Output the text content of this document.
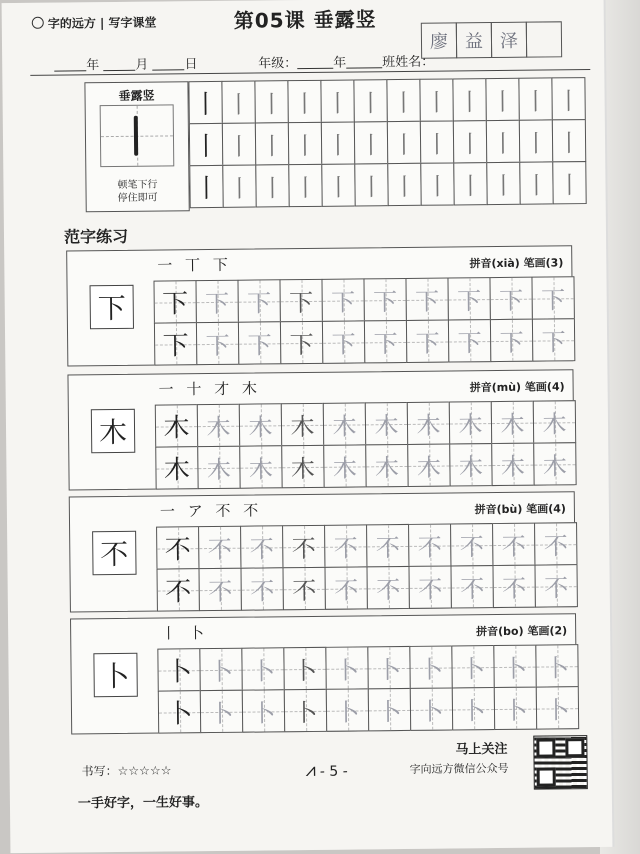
字的远方 | 写字课堂	第05课 垂露竖
廖 益 泽
年	月	日	年级：	年	班姓名：
垂露竖
顿笔下行
停住即可
丨 丨 丨 丨 丨 丨 丨 丨 丨 丨 丨 丨
丨 丨 丨 丨 丨 丨 丨 丨 丨 丨 丨 丨
丨 丨 丨 丨 丨 丨 丨 丨 丨 丨 丨 丨
范字练习
下
一 丅 下	拼音(xià) 笔画(3)
下 下 下 下 下 下 下 下 下 下
下 下 下 下 下 下 下 下 下 下
木
一 十 才 木	拼音(mù) 笔画(4)
木 木 木 木 木 木 木 木 木 木
木 木 木 木 木 木 木 木 木 木
不
一 ア 不 不	拼音(bù) 笔画(4)
不 不 不 不 不 不 不 不 不 不
不 不 不 不 不 不 不 不 不 不
卜
丨 卜	拼音(bo) 笔画(2)
卜 卜 卜 卜 卜 卜 卜 卜 卜 卜
卜 卜 卜 卜 卜 卜 卜 卜 卜 卜
书写：☆☆☆☆☆	⩘ - 5 -
马上关注
字向远方微信公众号
一手好字，一生好事。
